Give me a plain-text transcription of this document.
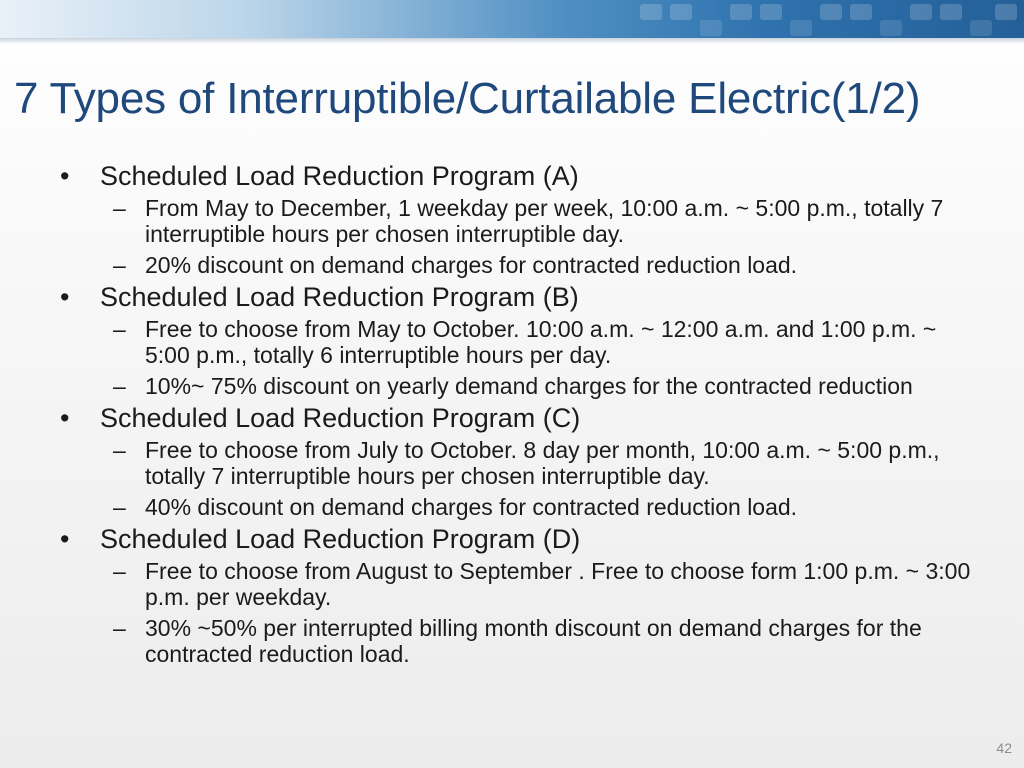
7 Types of Interruptible/Curtailable Electric(1/2)
• Scheduled Load Reduction Program (A)
– From May to December, 1 weekday per week, 10:00 a.m. ~ 5:00 p.m., totally 7 interruptible hours per chosen interruptible day.
– 20% discount on demand charges for contracted reduction load.
• Scheduled Load Reduction Program (B)
– Free to choose from May to October. 10:00 a.m. ~ 12:00 a.m. and 1:00 p.m. ~ 5:00 p.m., totally 6 interruptible hours per day.
– 10%~ 75% discount on yearly demand charges for the contracted reduction
• Scheduled Load Reduction Program (C)
– Free to choose from July to October. 8 day per month, 10:00 a.m. ~ 5:00 p.m., totally 7 interruptible hours per chosen interruptible day.
– 40% discount on demand charges for contracted reduction load.
• Scheduled Load Reduction Program (D)
– Free to choose from August to September . Free to choose form 1:00 p.m. ~ 3:00 p.m. per weekday.
– 30% ~50% per interrupted billing month discount on demand charges for the contracted reduction load.
42
